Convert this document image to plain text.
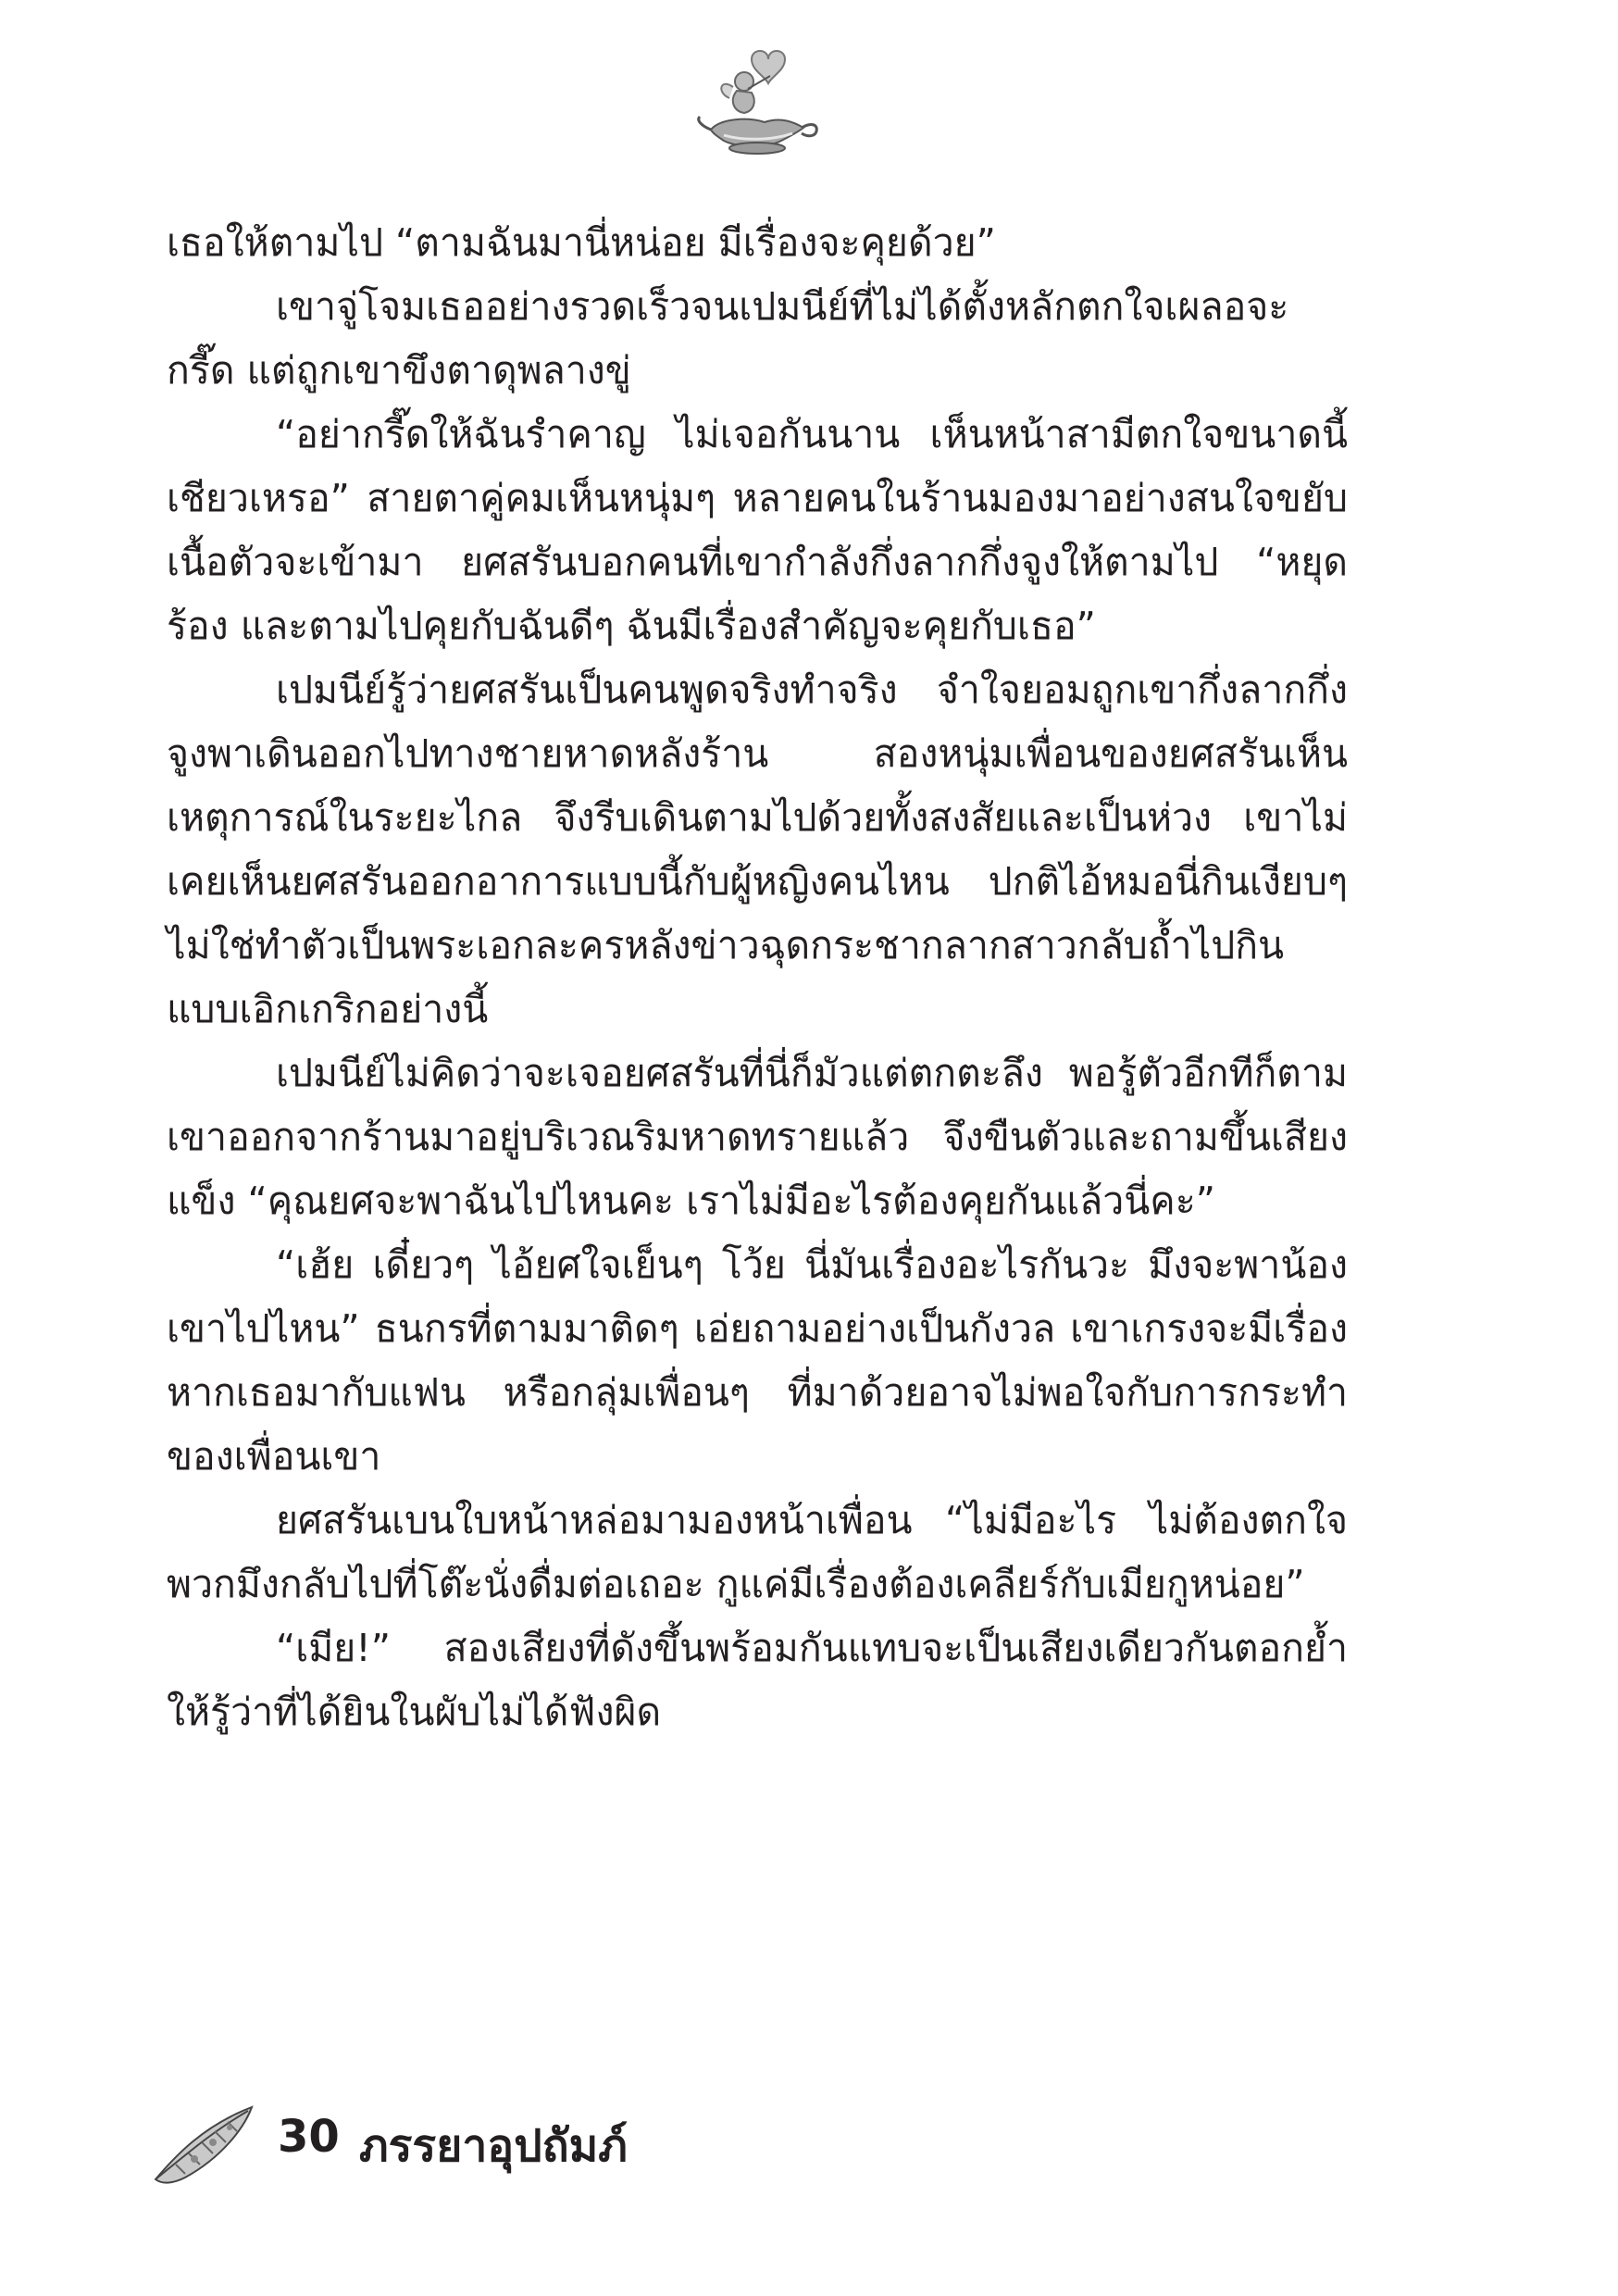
เธอให้ตามไป “ตามฉันมานี่หน่อย มีเรื่องจะคุยด้วย”

เขาจู่โจมเธออย่างรวดเร็วจนเปมนีย์ที่ไม่ได้ตั้งหลักตกใจเผลอจะกรี๊ด แต่ถูกเขาขึงตาดุพลางขู่

“อย่ากรี๊ดให้ฉันรำคาญ ไม่เจอกันนาน เห็นหน้าสามีตกใจขนาดนี้เชียวเหรอ” สายตาคู่คมเห็นหนุ่มๆ หลายคนในร้านมองมาอย่างสนใจขยับเนื้อตัวจะเข้ามา ยศสรันบอกคนที่เขากำลังกึ่งลากกึ่งจูงให้ตามไป “หยุดร้อง และตามไปคุยกับฉันดีๆ ฉันมีเรื่องสำคัญจะคุยกับเธอ”

เปมนีย์รู้ว่ายศสรันเป็นคนพูดจริงทำจริง จำใจยอมถูกเขากึ่งลากกึ่งจูงพาเดินออกไปทางชายหาดหลังร้าน สองหนุ่มเพื่อนของยศสรันเห็นเหตุการณ์ในระยะไกล จึงรีบเดินตามไปด้วยทั้งสงสัยและเป็นห่วง เขาไม่เคยเห็นยศสรันออกอาการแบบนี้กับผู้หญิงคนไหน ปกติไอ้หมอนี่กินเงียบๆ ไม่ใช่ทำตัวเป็นพระเอกละครหลังข่าวฉุดกระชากลากสาวกลับถ้ำไปกินแบบเอิกเกริกอย่างนี้

เปมนีย์ไม่คิดว่าจะเจอยศสรันที่นี่ก็มัวแต่ตกตะลึง พอรู้ตัวอีกทีก็ตามเขาออกจากร้านมาอยู่บริเวณริมหาดทรายแล้ว จึงขืนตัวและถามขึ้นเสียงแข็ง “คุณยศจะพาฉันไปไหนคะ เราไม่มีอะไรต้องคุยกันแล้วนี่คะ”

“เฮ้ย เดี๋ยวๆ ไอ้ยศใจเย็นๆ โว้ย นี่มันเรื่องอะไรกันวะ มึงจะพาน้องเขาไปไหน” ธนกรที่ตามมาติดๆ เอ่ยถามอย่างเป็นกังวล เขาเกรงจะมีเรื่องหากเธอมากับแฟน หรือกลุ่มเพื่อนๆ ที่มาด้วยอาจไม่พอใจกับการกระทำของเพื่อนเขา

ยศสรันเบนใบหน้าหล่อมามองหน้าเพื่อน “ไม่มีอะไร ไม่ต้องตกใจ พวกมึงกลับไปที่โต๊ะนั่งดื่มต่อเถอะ กูแค่มีเรื่องต้องเคลียร์กับเมียกูหน่อย”

“เมีย!” สองเสียงที่ดังขึ้นพร้อมกันแทบจะเป็นเสียงเดียวกันตอกย้ำให้รู้ว่าที่ได้ยินในผับไม่ได้ฟังผิด

30 ภรรยาอุปถัมภ์
